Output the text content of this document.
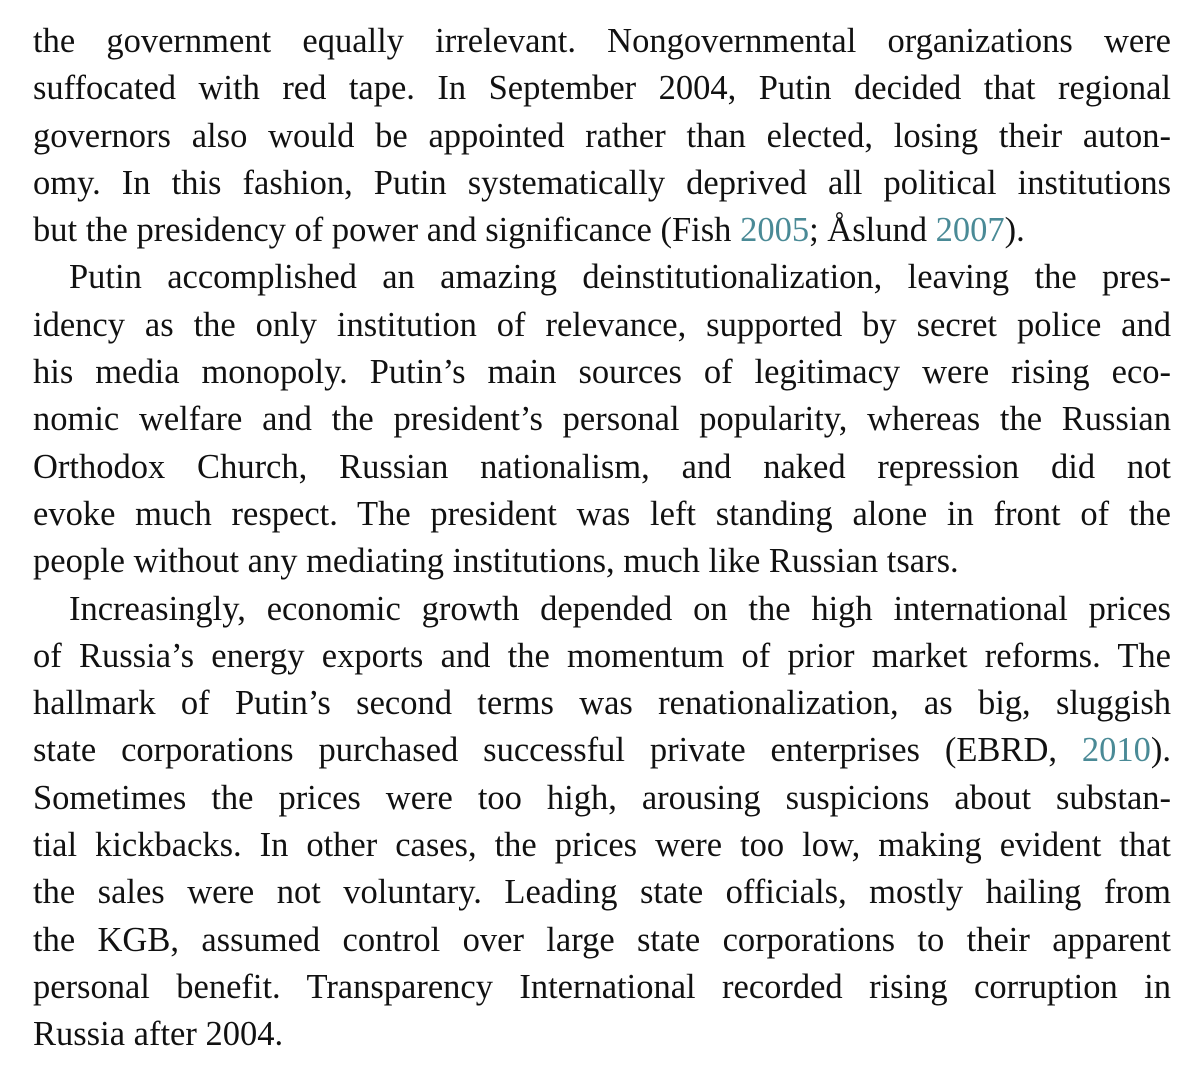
the government equally irrelevant. Nongovernmental organizations were
suffocated with red tape. In September 2004, Putin decided that regional
governors also would be appointed rather than elected, losing their auton-
omy. In this fashion, Putin systematically deprived all political institutions
but the presidency of power and significance (Fish 2005; Åslund 2007).
Putin accomplished an amazing deinstitutionalization, leaving the pres-
idency as the only institution of relevance, supported by secret police and
his media monopoly. Putin’s main sources of legitimacy were rising eco-
nomic welfare and the president’s personal popularity, whereas the Russian
Orthodox Church, Russian nationalism, and naked repression did not
evoke much respect. The president was left standing alone in front of the
people without any mediating institutions, much like Russian tsars.
Increasingly, economic growth depended on the high international prices
of Russia’s energy exports and the momentum of prior market reforms. The
hallmark of Putin’s second terms was renationalization, as big, sluggish
state corporations purchased successful private enterprises (EBRD, 2010).
Sometimes the prices were too high, arousing suspicions about substan-
tial kickbacks. In other cases, the prices were too low, making evident that
the sales were not voluntary. Leading state officials, mostly hailing from
the KGB, assumed control over large state corporations to their apparent
personal benefit. Transparency International recorded rising corruption in
Russia after 2004.
